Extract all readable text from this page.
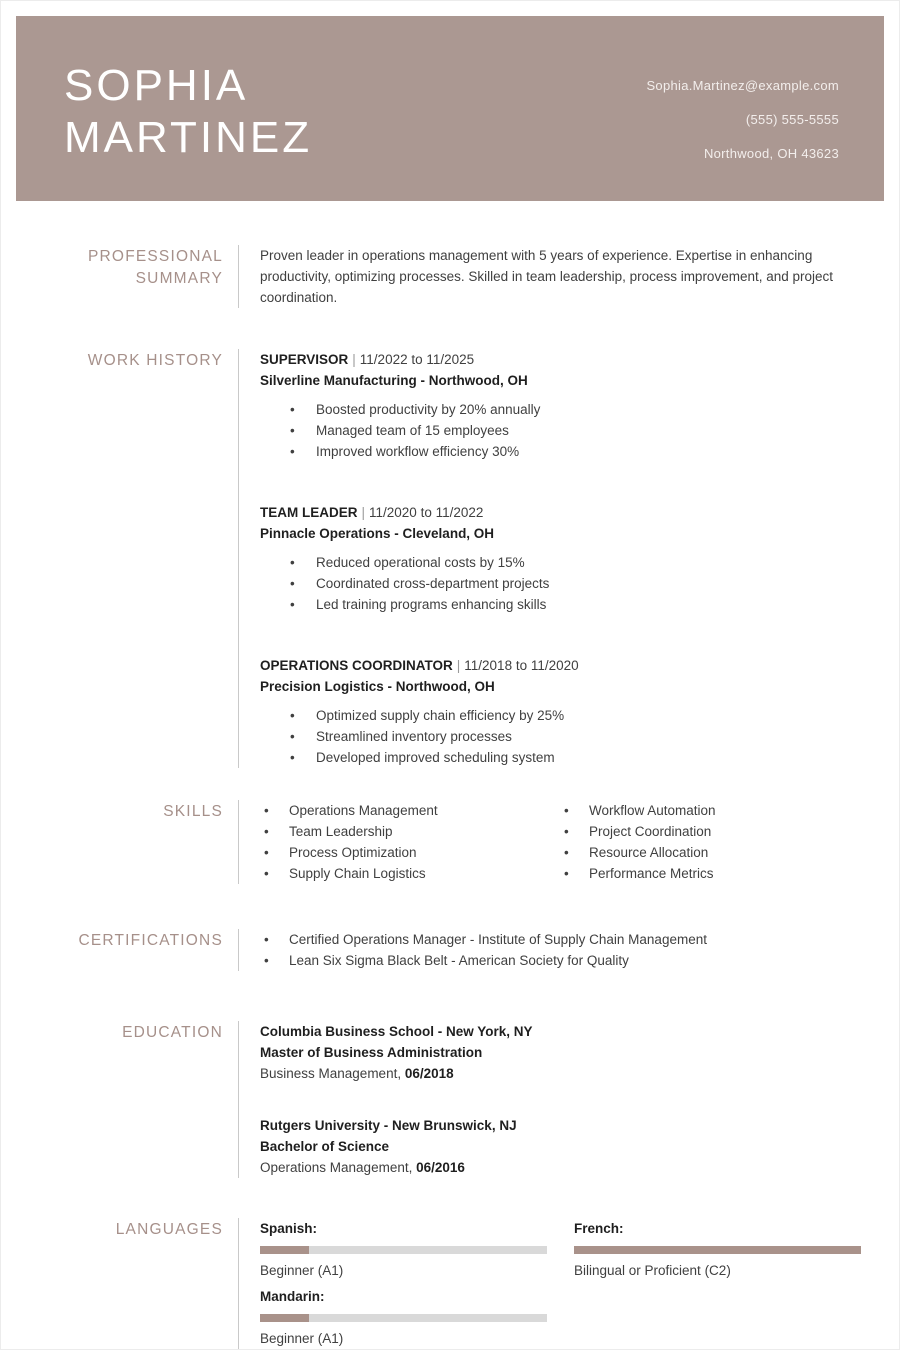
SOPHIA
MARTINEZ
Sophia.Martinez@example.com
(555) 555-5555
Northwood, OH 43623
PROFESSIONAL
SUMMARY
Proven leader in operations management with 5 years of experience. Expertise in enhancing productivity, optimizing processes. Skilled in team leadership, process improvement, and project coordination.
WORK HISTORY	SUPERVISOR | 11/2022 to 11/2025
Silverline Manufacturing - Northwood, OH
• Boosted productivity by 20% annually
• Managed team of 15 employees
• Improved workflow efficiency 30%
TEAM LEADER | 11/2020 to 11/2022
Pinnacle Operations - Cleveland, OH
• Reduced operational costs by 15%
• Coordinated cross-department projects
• Led training programs enhancing skills
OPERATIONS COORDINATOR | 11/2018 to 11/2020
Precision Logistics - Northwood, OH
• Optimized supply chain efficiency by 25%
• Streamlined inventory processes
• Developed improved scheduling system
SKILLS	• Operations Management
• Team Leadership
• Process Optimization
• Supply Chain Logistics
• Workflow Automation
• Project Coordination
• Resource Allocation
• Performance Metrics
CERTIFICATIONS	• Certified Operations Manager - Institute of Supply Chain Management
• Lean Six Sigma Black Belt - American Society for Quality
EDUCATION	Columbia Business School - New York, NY
Master of Business Administration
Business Management, 06/2018
Rutgers University - New Brunswick, NJ
Bachelor of Science
Operations Management, 06/2016
LANGUAGES	Spanish:
Beginner (A1)
French:
Bilingual or Proficient (C2)
Mandarin:
Beginner (A1)
